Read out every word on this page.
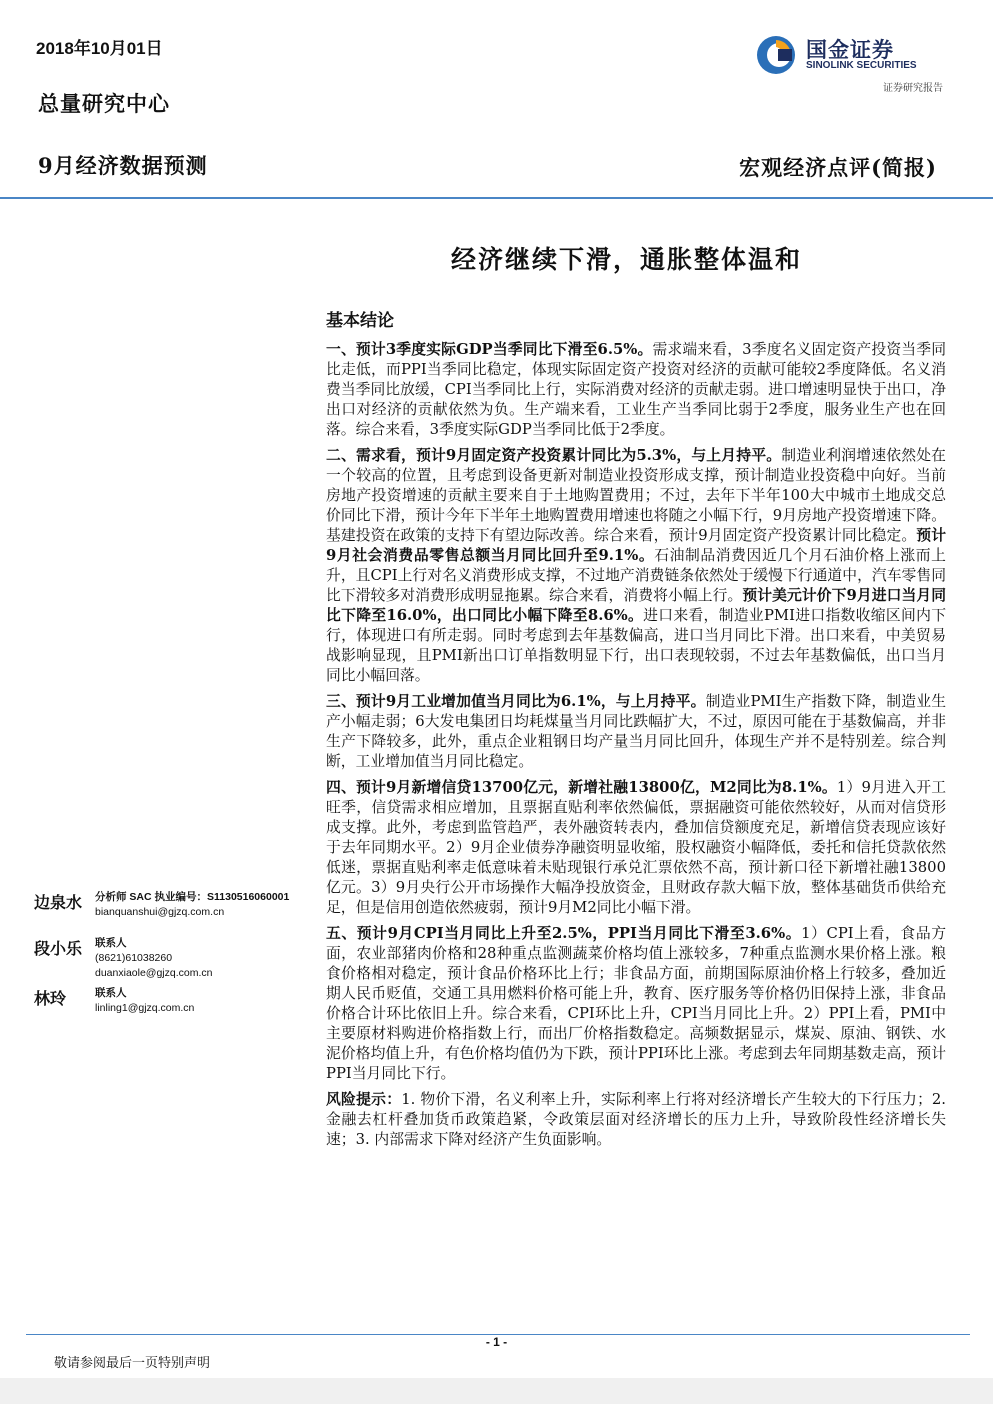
2018年10月01日
总量研究中心
9月经济数据预测	宏观经济点评(简报)
国金证券
SINOLINK SECURITIES
证券研究报告
经济继续下滑，通胀整体温和
基本结论

一、预计3季度实际GDP当季同比下滑至6.5%。需求端来看，3季度名义固定资产投资当季同比走低，而PPI当季同比稳定，体现实际固定资产投资对经济的贡献可能较2季度降低。名义消费当季同比放缓，CPI当季同比上行，实际消费对经济的贡献走弱。进口增速明显快于出口，净出口对经济的贡献依然为负。生产端来看，工业生产当季同比弱于2季度，服务业生产也在回落。综合来看，3季度实际GDP当季同比低于2季度。

二、需求看，预计9月固定资产投资累计同比为5.3%，与上月持平。制造业利润增速依然处在一个较高的位置，且考虑到设备更新对制造业投资形成支撑，预计制造业投资稳中向好。当前房地产投资增速的贡献主要来自于土地购置费用；不过，去年下半年100大中城市土地成交总价同比下滑，预计今年下半年土地购置费用增速也将随之小幅下行，9月房地产投资增速下降。基建投资在政策的支持下有望边际改善。综合来看，预计9月固定资产投资累计同比稳定。预计9月社会消费品零售总额当月同比回升至9.1%。石油制品消费因近几个月石油价格上涨而上升，且CPI上行对名义消费形成支撑，不过地产消费链条依然处于缓慢下行通道中，汽车零售同比下滑较多对消费形成明显拖累。综合来看，消费将小幅上行。预计美元计价下9月进口当月同比下降至16.0%，出口同比小幅下降至8.6%。进口来看，制造业PMI进口指数收缩区间内下行，体现进口有所走弱。同时考虑到去年基数偏高，进口当月同比下滑。出口来看，中美贸易战影响显现，且PMI新出口订单指数明显下行，出口表现较弱，不过去年基数偏低，出口当月同比小幅回落。

三、预计9月工业增加值当月同比为6.1%，与上月持平。制造业PMI生产指数下降，制造业生产小幅走弱；6大发电集团日均耗煤量当月同比跌幅扩大，不过，原因可能在于基数偏高，并非生产下降较多，此外，重点企业粗钢日均产量当月同比回升，体现生产并不是特别差。综合判断，工业增加值当月同比稳定。

四、预计9月新增信贷13700亿元，新增社融13800亿，M2同比为8.1%。1）9月进入开工旺季，信贷需求相应增加，且票据直贴利率依然偏低，票据融资可能依然较好，从而对信贷形成支撑。此外，考虑到监管趋严，表外融资转表内，叠加信贷额度充足，新增信贷表现应该好于去年同期水平。2）9月企业债券净融资明显收缩，股权融资小幅降低，委托和信托贷款依然低迷，票据直贴利率走低意味着未贴现银行承兑汇票依然不高，预计新口径下新增社融13800亿元。3）9月央行公开市场操作大幅净投放资金，且财政存款大幅下放，整体基础货币供给充足，但是信用创造依然疲弱，预计9月M2同比小幅下滑。

五、预计9月CPI当月同比上升至2.5%，PPI当月同比下滑至3.6%。1）CPI上看，食品方面，农业部猪肉价格和28种重点监测蔬菜价格均值上涨较多，7种重点监测水果价格上涨。粮食价格相对稳定，预计食品价格环比上行；非食品方面，前期国际原油价格上行较多，叠加近期人民币贬值，交通工具用燃料价格可能上升，教育、医疗服务等价格仍旧保持上涨，非食品价格合计环比依旧上升。综合来看，CPI环比上升，CPI当月同比上升。2）PPI上看，PMI中主要原材料购进价格指数上行，而出厂价格指数稳定。高频数据显示，煤炭、原油、钢铁、水泥价格均值上升，有色价格均值仍为下跌，预计PPI环比上涨。考虑到去年同期基数走高，预计PPI当月同比下行。

风险提示：1. 物价下滑，名义利率上升，实际利率上行将对经济增长产生较大的下行压力；2. 金融去杠杆叠加货币政策趋紧，令政策层面对经济增长的压力上升，导致阶段性经济增长失速；3. 内部需求下降对经济产生负面影响。

边泉水	分析师 SAC 执业编号：S1130516060001
bianquanshui@gjzq.com.cn
段小乐	联系人
(8621)61038260
duanxiaole@gjzq.com.cn
林玲	联系人
linling1@gjzq.com.cn
- 1 -
敬请参阅最后一页特别声明
